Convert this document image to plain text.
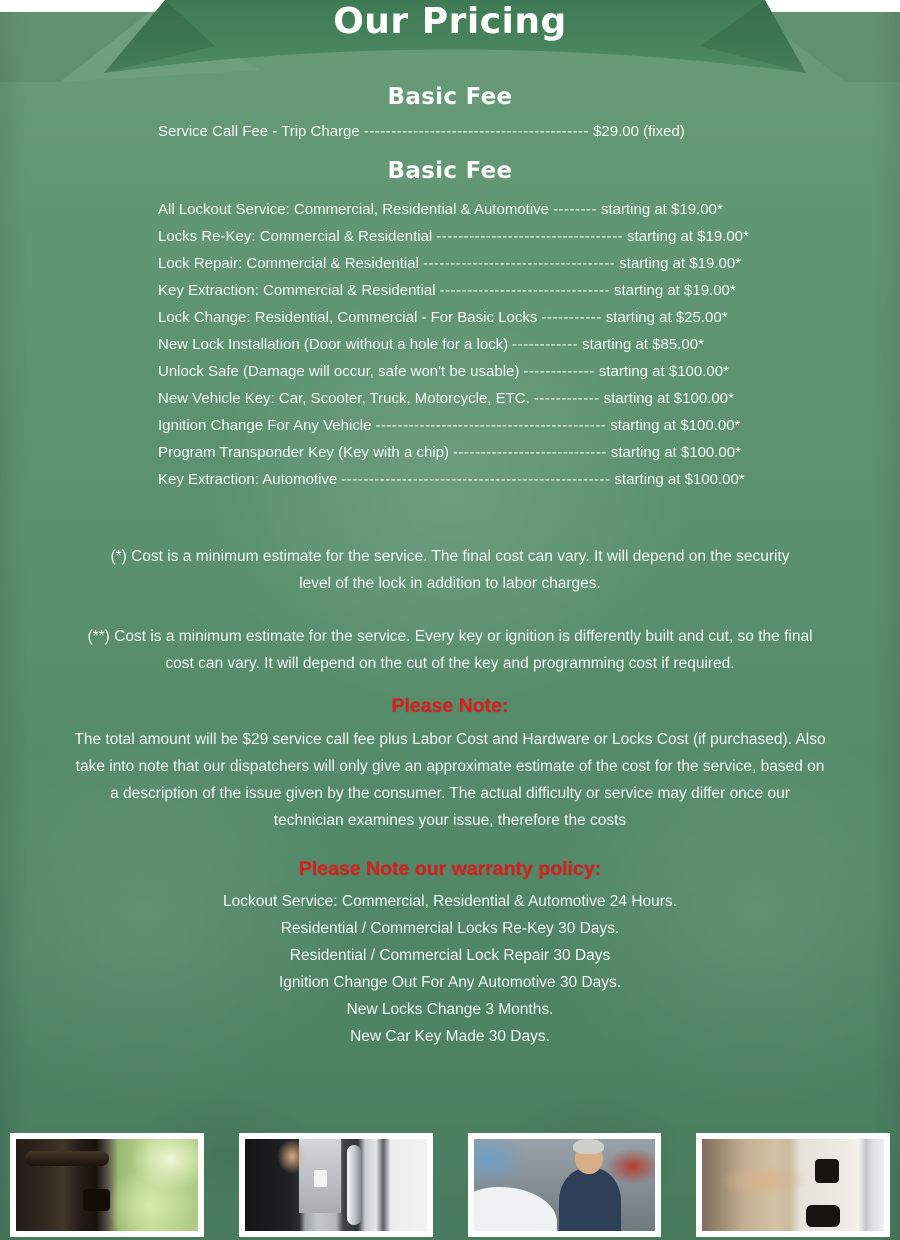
Our Pricing
Basic Fee
Service Call Fee - Trip Charge ----------------------------------------- $29.00 (fixed)
Basic Fee
All Lockout Service: Commercial, Residential & Automotive -------- starting at $19.00*
Locks Re-Key: Commercial & Residential ---------------------------------- starting at $19.00*
Lock Repair: Commercial & Residential ----------------------------------- starting at $19.00*
Key Extraction: Commercial & Residential ------------------------------- starting at $19.00*
Lock Change: Residential, Commercial - For Basic Locks ----------- starting at $25.00*
New Lock Installation (Door without a hole for a lock) ------------ starting at $85.00*
Unlock Safe (Damage will occur, safe won't be usable) ------------- starting at $100.00*
New Vehicle Key: Car, Scooter, Truck, Motorcycle, ETC. ------------ starting at $100.00*
Ignition Change For Any Vehicle ------------------------------------------ starting at $100.00*
Program Transponder Key (Key with a chip) ---------------------------- starting at $100.00*
Key Extraction: Automotive ------------------------------------------------- starting at $100.00*

(*) Cost is a minimum estimate for the service. The final cost can vary. It will depend on the security level of the lock in addition to labor charges.

(**) Cost is a minimum estimate for the service. Every key or ignition is differently built and cut, so the final cost can vary. It will depend on the cut of the key and programming cost if required.

Please Note:

The total amount will be $29 service call fee plus Labor Cost and Hardware or Locks Cost (if purchased). Also take into note that our dispatchers will only give an approximate estimate of the cost for the service, based on a description of the issue given by the consumer. The actual difficulty or service may differ once our technician examines your issue, therefore the costs

Please Note our warranty policy:
Lockout Service: Commercial, Residential & Automotive 24 Hours.
Residential / Commercial Locks Re-Key 30 Days.
Residential / Commercial Lock Repair 30 Days
Ignition Change Out For Any Automotive 30 Days.
New Locks Change 3 Months.
New Car Key Made 30 Days.
